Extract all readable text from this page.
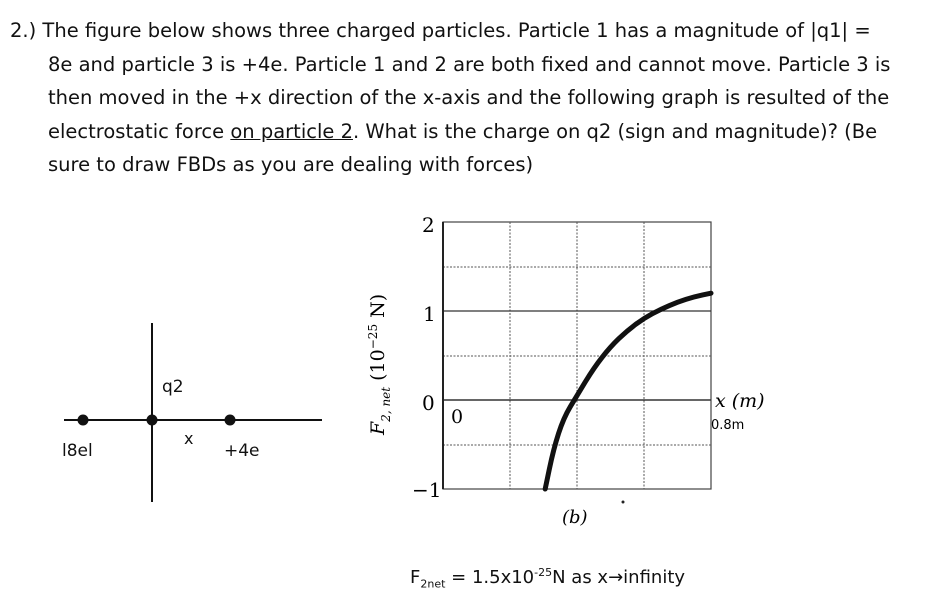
2.) The figure below shows three charged particles. Particle 1 has a magnitude of |q1| =
8e and particle 3 is +4e. Particle 1 and 2 are both fixed and cannot move. Particle 3 is
then moved in the +x direction of the x-axis and the following graph is resulted of the
electrostatic force on particle 2. What is the charge on q2 (sign and magnitude)? (Be
sure to draw FBDs as you are dealing with forces)
l8el
q2
x
+4e
2
1
0
−1
0
$F_{2, net}$ ($10^{-25}$ N)
x (m)
0.8m
(b)
$F_{2net} = 1.5x10^{-25}N$ as x→infinity
